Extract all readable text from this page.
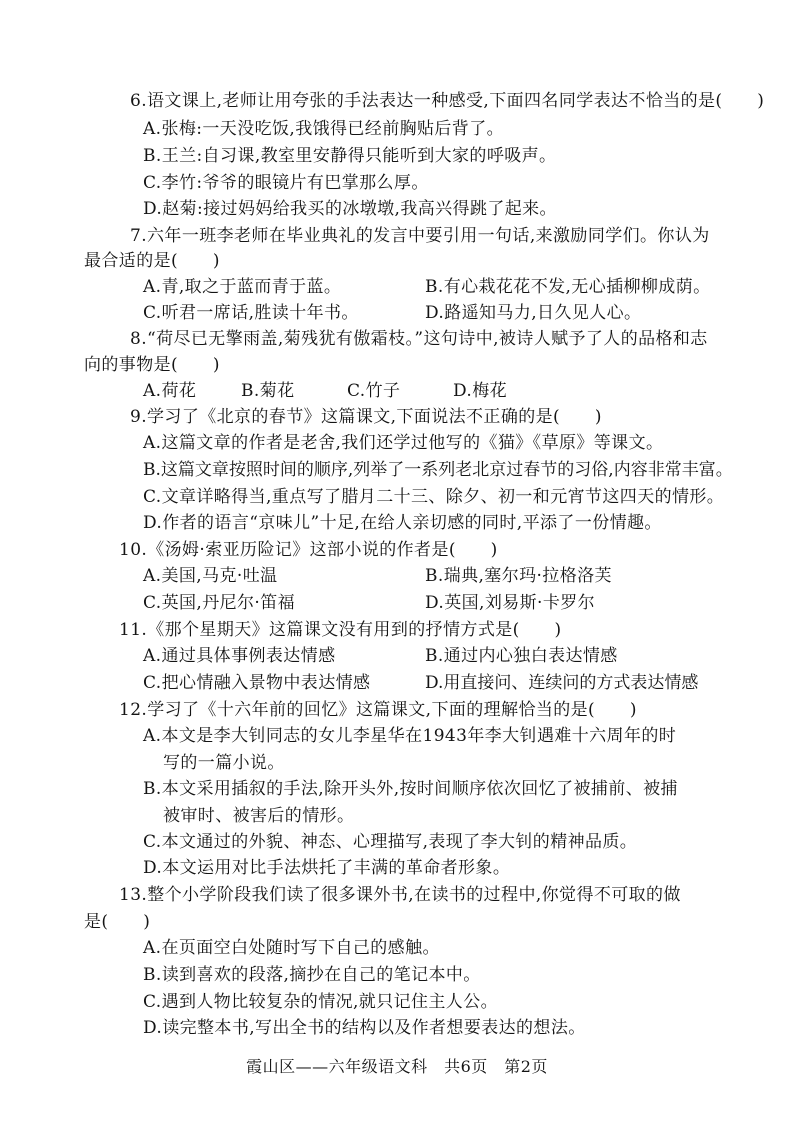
6.语文课上,老师让用夸张的手法表达一种感受,下面四名同学表达不恰当的是(　　)
A.张梅:一天没吃饭,我饿得已经前胸贴后背了。
B.王兰:自习课,教室里安静得只能听到大家的呼吸声。
C.李竹:爷爷的眼镜片有巴掌那么厚。
D.赵菊:接过妈妈给我买的冰墩墩,我高兴得跳了起来。
7.六年一班李老师在毕业典礼的发言中要引用一句话,来激励同学们。你认为
最合适的是(　　)
A.青,取之于蓝而青于蓝。	B.有心栽花花不发,无心插柳柳成荫。
C.听君一席话,胜读十年书。	D.路遥知马力,日久见人心。
8.“荷尽已无擎雨盖,菊残犹有傲霜枝。”这句诗中,被诗人赋予了人的品格和志
向的事物是(　　)
A.荷花	B.菊花	C.竹子	D.梅花
9.学习了《北京的春节》这篇课文,下面说法不正确的是(　　)
A.这篇文章的作者是老舍,我们还学过他写的《猫》《草原》等课文。
B.这篇文章按照时间的顺序,列举了一系列老北京过春节的习俗,内容非常丰富。
C.文章详略得当,重点写了腊月二十三、除夕、初一和元宵节这四天的情形。
D.作者的语言“京味儿”十足,在给人亲切感的同时,平添了一份情趣。
10.《汤姆·索亚历险记》这部小说的作者是(　　)
A.美国,马克·吐温	B.瑞典,塞尔玛·拉格洛芙
C.英国,丹尼尔·笛福	D.英国,刘易斯·卡罗尔
11.《那个星期天》这篇课文没有用到的抒情方式是(　　)
A.通过具体事例表达情感	B.通过内心独白表达情感
C.把心情融入景物中表达情感	D.用直接问、连续问的方式表达情感
12.学习了《十六年前的回忆》这篇课文,下面的理解恰当的是(　　)
A.本文是李大钊同志的女儿李星华在1943年李大钊遇难十六周年的时
写的一篇小说。
B.本文采用插叙的手法,除开头外,按时间顺序依次回忆了被捕前、被捕
被审时、被害后的情形。
C.本文通过的外貌、神态、心理描写,表现了李大钊的精神品质。
D.本文运用对比手法烘托了丰满的革命者形象。
13.整个小学阶段我们读了很多课外书,在读书的过程中,你觉得不可取的做
是(　　)
A.在页面空白处随时写下自己的感触。
B.读到喜欢的段落,摘抄在自己的笔记本中。
C.遇到人物比较复杂的情况,就只记住主人公。
D.读完整本书,写出全书的结构以及作者想要表达的想法。
霞山区——六年级语文科　共6页　第2页
